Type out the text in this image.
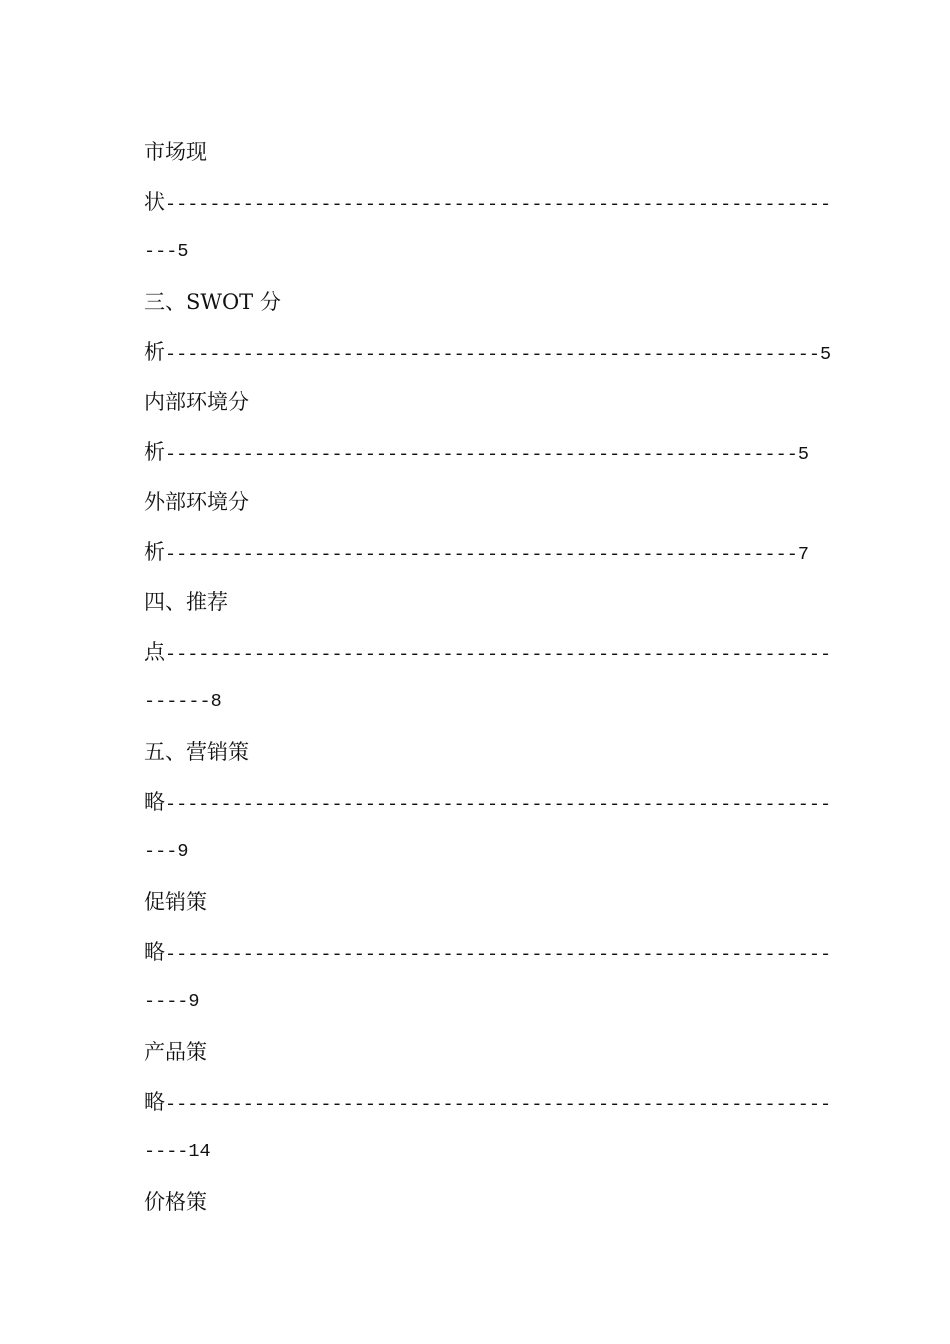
市场现
状------------------------------------------------------------
---5
三、SWOT 分
析-----------------------------------------------------------5
内部环境分
析---------------------------------------------------------5
外部环境分
析---------------------------------------------------------7
四、推荐
点------------------------------------------------------------
------8
五、营销策
略------------------------------------------------------------
---9
促销策
略------------------------------------------------------------
----9
产品策
略------------------------------------------------------------
----14
价格策
